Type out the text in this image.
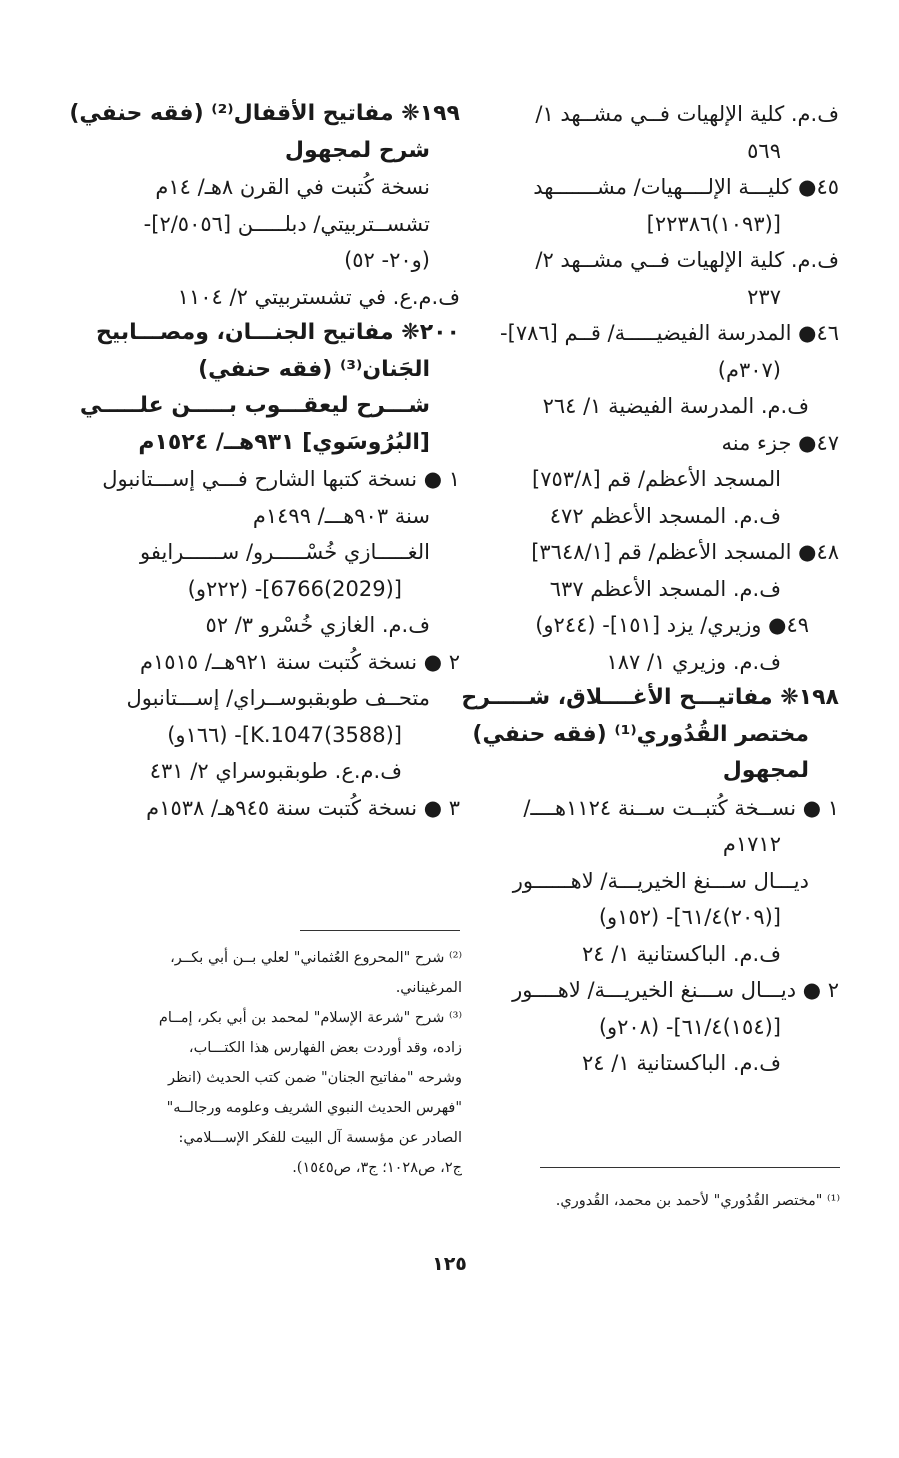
ف.م. كلية الإلهيات فــي مشــهد ١/
٥٦٩
٤٥● كليـــة الإلــــهيات/ مشـــــــهد
[(١٠٩٣)٢٢٣٨٦]
ف.م. كلية الإلهيات فــي مشــهد ٢/
٢٣٧
٤٦● المدرسة الفيضيـــــة/ قــم [٧٨٦]-
(٣٠٧م)
ف.م. المدرسة الفيضية ١/ ٢٦٤
٤٧● جزء منه
المسجد الأعظم/ قم [٧٥٣/٨]
ف.م. المسجد الأعظم ٤٧٢
٤٨● المسجد الأعظم/ قم [٣٦٤٨/١]
ف.م. المسجد الأعظم ٦٣٧
٤٩● وزيري/ يزد [١٥١]- (٢٤٤و)
ف.م. وزيري ١/ ١٨٧
١٩٨❋ مفاتيـــح الأغــــلاق، شـــــرح
مختصر القُدُوري⁽¹⁾ (فقه حنفي)
لمجهول
١ ● نســخة كُتبــت ســنة ١١٢٤هــــ/
١٧١٢م
ديـــال ســـنغ الخيريـــة/ لاهــــــور
[(٢٠٩)٦١/٤]- (١٥٢و)
ف.م. الباكستانية ١/ ٢٤
٢ ● ديـــال ســـنغ الخيريـــة/ لاهــــور
[(١٥٤)٦١/٤]- (٢٠٨و)
ف.م. الباكستانية ١/ ٢٤
١٩٩❋ مفاتيح الأقفال⁽²⁾ (فقه حنفي)
شرح لمجهول
نسخة كُتبت في القرن ٨هـ/ ١٤م
تشســتربيتي/ دبلـــــن [٢/٥٠٥٦]-
(و٢٠- ٥٢)
ف.م.ع. في تشستربيتي ٢/ ١١٠٤
٢٠٠❋ مفاتيح الجنـــان، ومصـــابيح
الجَنان⁽³⁾ (فقه حنفي)
شـــرح ليعقـــوب بـــــن علـــــي
[البُرُوسَوي] ٩٣١هــ/ ١٥٢٤م
١ ● نسخة كتبها الشارح فـــي إســـتانبول
سنة ٩٠٣هـــ/ ١٤٩٩م
الغـــــازي خُسْـــــرو/ ســــــرايفو
[(2029)6766]- (٢٢٢و)
ف.م. الغازي خُسْرو ٣/ ٥٢
٢ ● نسخة كُتبت سنة ٩٢١هــ/ ١٥١٥م
متحــف طوبقبوســراي/ إســـتانبول
[(3588)K.1047]- (١٦٦و)
ف.م.ع. طوبقبوسراي ٢/ ٤٣١
٣ ● نسخة كُتبت سنة ٩٤٥هـ/ ١٥٣٨م
⁽²⁾ شرح "المحروع العُثماني" لعلي بــن أبي بكــر،
المرغيناني.
⁽³⁾ شرح "شرعة الإسلام" لمحمد بن أبي بكر، إمــام
زاده، وقد أوردت بعض الفهارس هذا الكتـــاب،
وشرحه "مفاتيح الجنان" ضمن كتب الحديث (انظر
"فهرس الحديث النبوي الشريف وعلومه ورجالــه"
الصادر عن مؤسسة آل البيت للفكر الإســـلامي:
ج٢، ص١٠٢٨؛ ج٣، ص١٥٤٥).
⁽¹⁾ "مختصر القُدُوري" لأحمد بن محمد، القُدوري.
١٢٥
